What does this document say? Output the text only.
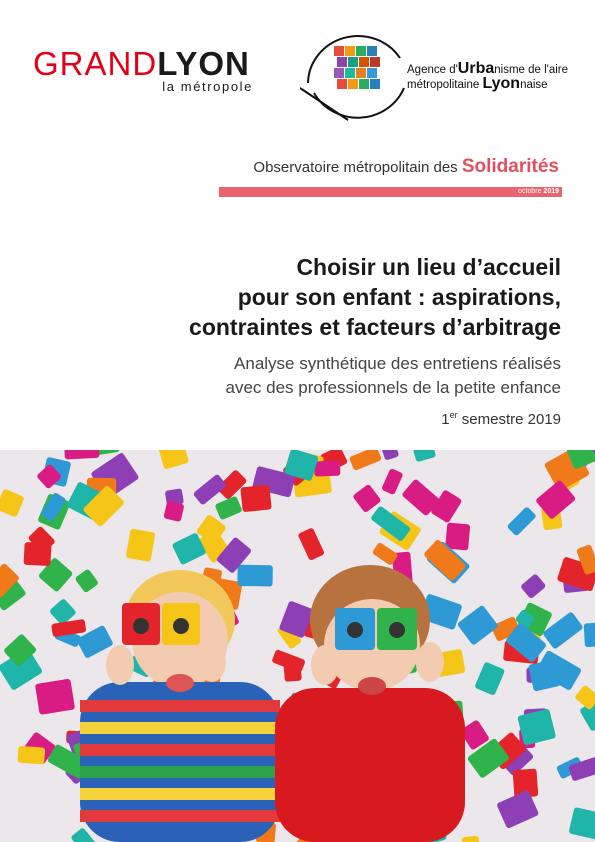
GRANDLYON
la métropole
Agence d'Urbanisme de l'aire
métropolitaine Lyonnaise
Observatoire métropolitain des Solidarités
octobre 2019
Choisir un lieu d’accueil
pour son enfant : aspirations,
contraintes et facteurs d’arbitrage
Analyse synthétique des entretiens réalisés
avec des professionnels de la petite enfance
1er semestre 2019
